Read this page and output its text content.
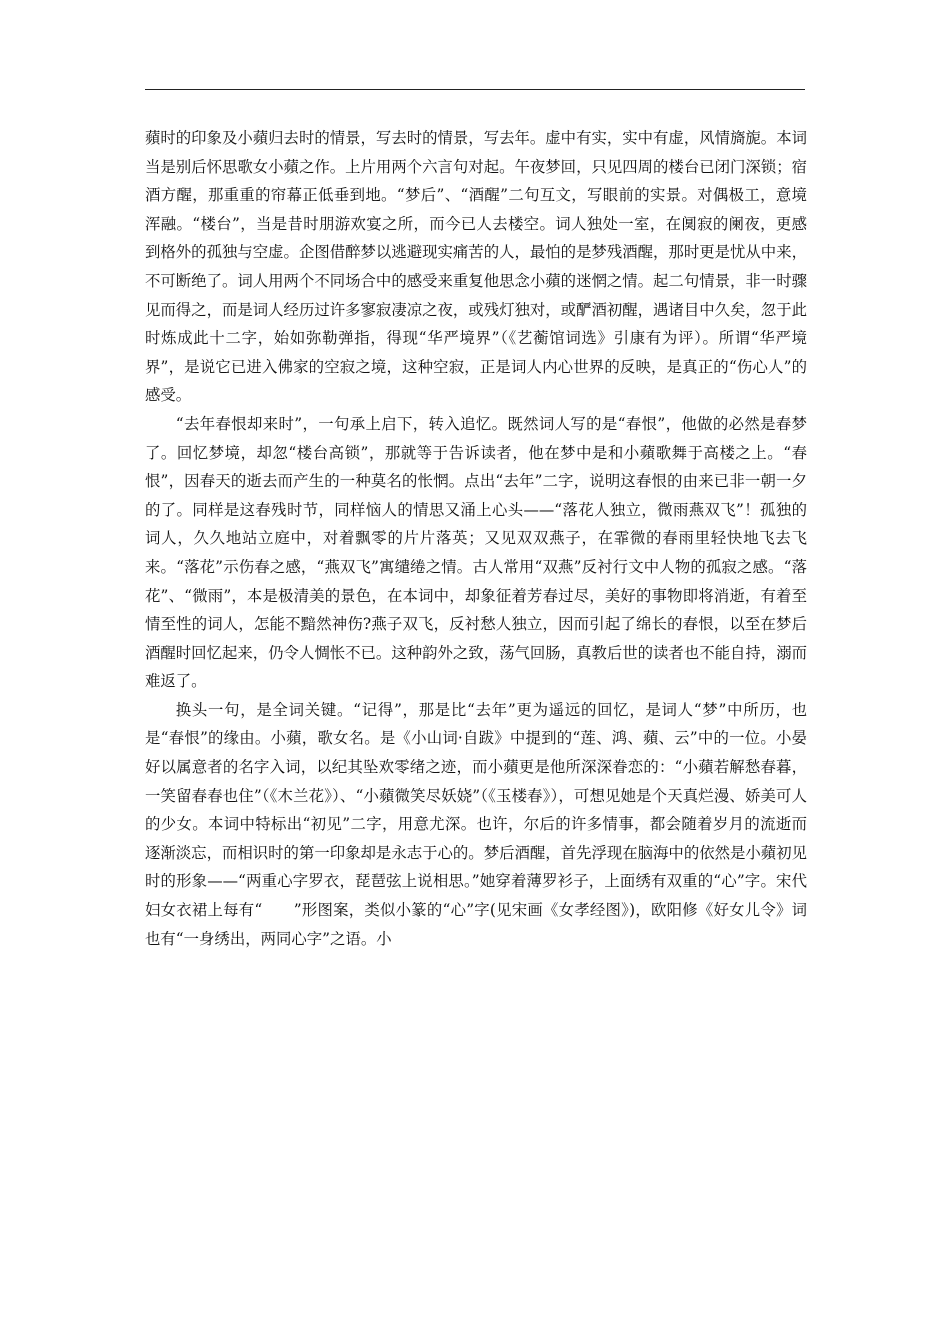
蘋时的印象及小蘋归去时的情景，写去时的情景，写去年。虚中有实，实中有虚，风情旖旎。本词当是别后怀思歌女小蘋之作。上片用两个六言句对起。午夜梦回，只见四周的楼台已闭门深锁；宿酒方醒，那重重的帘幕正低垂到地。“梦后”、“酒醒”二句互文，写眼前的实景。对偶极工，意境浑融。“楼台”，当是昔时朋游欢宴之所，而今已人去楼空。词人独处一室，在阒寂的阑夜，更感到格外的孤独与空虚。企图借醉梦以逃避现实痛苦的人，最怕的是梦残酒醒，那时更是忧从中来，不可断绝了。词人用两个不同场合中的感受来重复他思念小蘋的迷惘之情。起二句情景，非一时骤见而得之，而是词人经历过许多寥寂凄凉之夜，或残灯独对，或酽酒初醒，遇诸目中久矣，忽于此时炼成此十二字，始如弥勒弹指，得现“华严境界”（《艺蘅馆词选》引康有为评）。所谓“华严境界”，是说它已进入佛家的空寂之境，这种空寂，正是词人内心世界的反映，是真正的“伤心人”的感受。

“去年春恨却来时”，一句承上启下，转入追忆。既然词人写的是“春恨”，他做的必然是春梦了。回忆梦境，却忽“楼台高锁”，那就等于告诉读者，他在梦中是和小蘋歌舞于高楼之上。“春恨”，因春天的逝去而产生的一种莫名的怅惘。点出“去年”二字，说明这春恨的由来已非一朝一夕的了。同样是这春残时节，同样恼人的情思又涌上心头——“落花人独立，微雨燕双飞”！孤独的词人，久久地站立庭中，对着飘零的片片落英；又见双双燕子，在霏微的春雨里轻快地飞去飞来。“落花”示伤春之感，“燕双飞”寓缱绻之情。古人常用“双燕”反衬行文中人物的孤寂之感。“落花”、“微雨”，本是极清美的景色，在本词中，却象征着芳春过尽，美好的事物即将消逝，有着至情至性的词人，怎能不黯然神伤?燕子双飞，反衬愁人独立，因而引起了绵长的春恨，以至在梦后酒醒时回忆起来，仍令人惆怅不已。这种韵外之致，荡气回肠，真教后世的读者也不能自持，溺而难返了。

换头一句，是全词关键。“记得”，那是比“去年”更为遥远的回忆，是词人“梦”中所历，也是“春恨”的缘由。小蘋，歌女名。是《小山词·自跋》中提到的“莲、鸿、蘋、云”中的一位。小晏好以属意者的名字入词，以纪其坠欢零绪之迹，而小蘋更是他所深深眷恋的：“小蘋若解愁春暮，一笑留春春也住”（《木兰花》）、“小蘋微笑尽妖娆”（《玉楼春》），可想见她是个天真烂漫、娇美可人的少女。本词中特标出“初见”二字，用意尤深。也许，尔后的许多情事，都会随着岁月的流逝而逐渐淡忘，而相识时的第一印象却是永志于心的。梦后酒醒，首先浮现在脑海中的依然是小蘋初见时的形象——“两重心字罗衣，琵琶弦上说相思。”她穿着薄罗衫子，上面绣有双重的“心”字。宋代妇女衣裙上每有“　　”形图案，类似小篆的“心”字(见宋画《女孝经图》)，欧阳修《好女儿令》词也有“一身绣出，两同心字”之语。小
